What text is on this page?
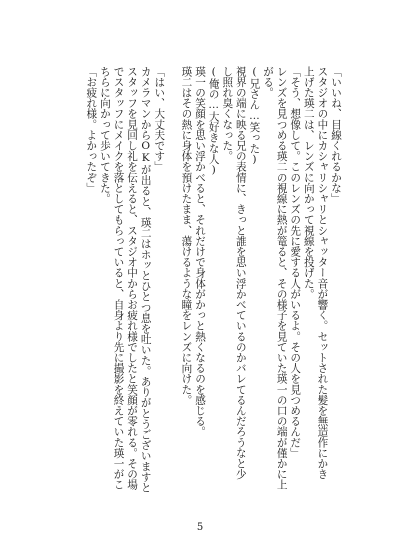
「いいね、目線くれるかな」
スタジオの中にカシャリシャリとシャッター音が響く。セットされた髪を無造作にかき
上げた瑛二は、レンズに向かって視線を投げた。
「そう、想像して。このレンズの先に愛する人がいるよ。その人を見つめるんだ」
レンズを見つめる瑛二の視線に熱が篭ると、その様子を見ていた瑛一の口の端が僅かに上
がる。
(兄さん…笑った)
視界の端に映る兄の表情に、きっと誰を思い浮かべているのかバレてるんだろうなと少
し照れ臭くなった。
(俺の…大好きな人)
瑛一の笑顔を思い浮かべると、それだけで身体がかっと熱くなるのを感じる。
瑛二はその熱に身体を預けたまま、蕩けるような瞳をレンズに向けた。
「はい、大丈夫です」
カメラマンからOKが出ると、瑛二はホッとひとつ息を吐いた。ありがとうございますと
スタッフを見回し礼を伝えると、スタジオ中からお疲れ様でしたと笑顔が零れる。その場
でスタッフにメイクを落としてもらっていると、自身より先に撮影を終えていた瑛一がこ
ちらに向かって歩いてきた。
「お疲れ様。よかったぞ」
5
